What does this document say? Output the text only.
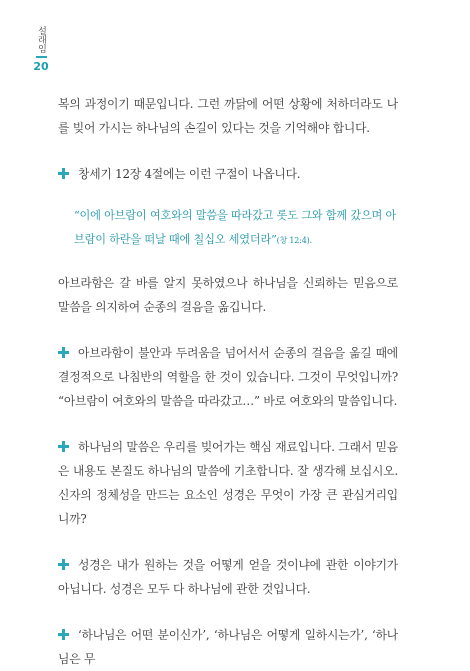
설래임
20

복의 과정이기 때문입니다. 그런 까닭에 어떤 상황에 처하더라도 나를 빚어 가시는 하나님의 손길이 있다는 것을 기억해야 합니다.

창세기 12장 4절에는 이런 구절이 나옵니다.

“이에 아브람이 여호와의 말씀을 따라갔고 롯도 그와 함께 갔으며 아브람이 하란을 떠날 때에 칠십오 세였더라”(창 12:4).

아브라함은 갈 바를 알지 못하였으나 하나님을 신뢰하는 믿음으로 말씀을 의지하여 순종의 걸음을 옮깁니다.

아브라함이 불안과 두려움을 넘어서서 순종의 걸음을 옮길 때에 결정적으로 나침반의 역할을 한 것이 있습니다. 그것이 무엇입니까? “아브람이 여호와의 말씀을 따라갔고…” 바로 여호와의 말씀입니다.

하나님의 말씀은 우리를 빚어가는 핵심 재료입니다. 그래서 믿음은 내용도 본질도 하나님의 말씀에 기초합니다. 잘 생각해 보십시오. 신자의 정체성을 만드는 요소인 성경은 무엇이 가장 큰 관심거리입니까?

성경은 내가 원하는 것을 어떻게 얻을 것이냐에 관한 이야기가 아닙니다. 성경은 모두 다 하나님에 관한 것입니다.

‘하나님은 어떤 분이신가’, ‘하나님은 어떻게 일하시는가’, ‘하나님은 무
